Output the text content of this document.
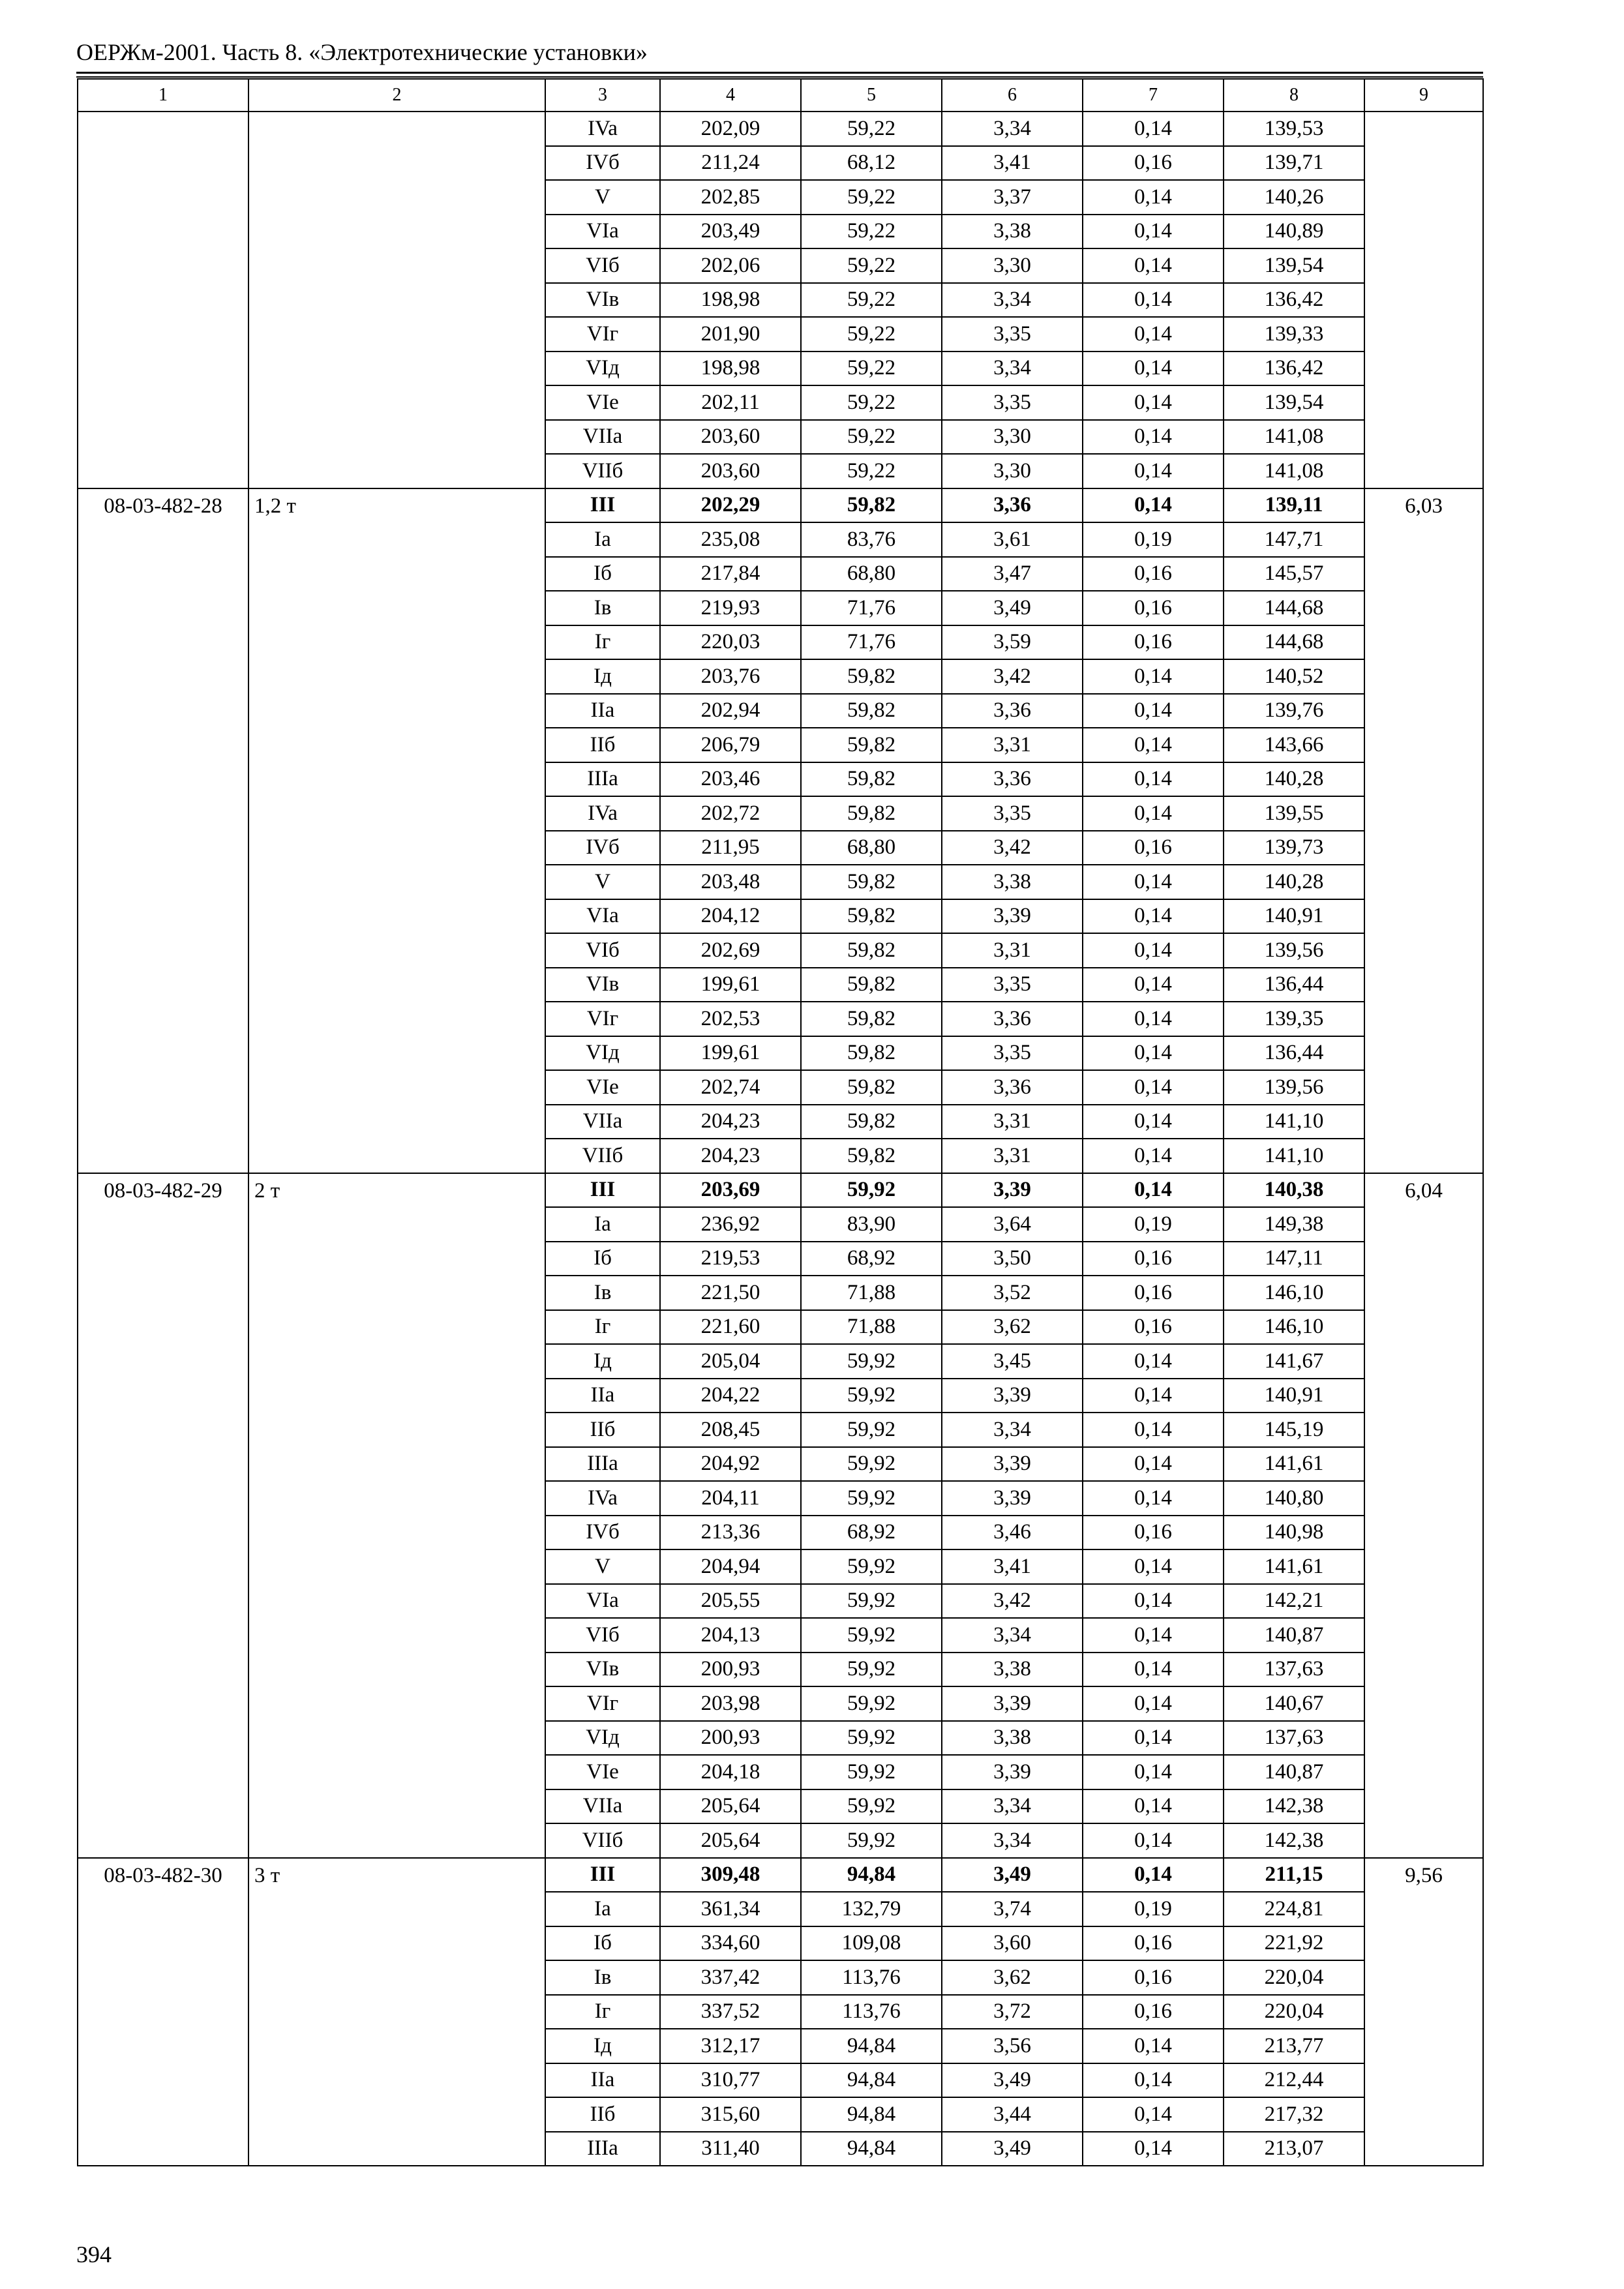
ОЕРЖм-2001. Часть 8. «Электротехнические установки»
1	2	3	4	5	6	7	8	9
		IVa	202,09	59,22	3,34	0,14	139,53	
		IVб	211,24	68,12	3,41	0,16	139,71	
		V	202,85	59,22	3,37	0,14	140,26	
		VIa	203,49	59,22	3,38	0,14	140,89	
		VIб	202,06	59,22	3,30	0,14	139,54	
		VIв	198,98	59,22	3,34	0,14	136,42	
		VIг	201,90	59,22	3,35	0,14	139,33	
		VIд	198,98	59,22	3,34	0,14	136,42	
		VIе	202,11	59,22	3,35	0,14	139,54	
		VIIa	203,60	59,22	3,30	0,14	141,08	
		VIIб	203,60	59,22	3,30	0,14	141,08	
08-03-482-28	1,2 т	III	202,29	59,82	3,36	0,14	139,11	6,03
		Ia	235,08	83,76	3,61	0,19	147,71	
		Iб	217,84	68,80	3,47	0,16	145,57	
		Iв	219,93	71,76	3,49	0,16	144,68	
		Iг	220,03	71,76	3,59	0,16	144,68	
		Iд	203,76	59,82	3,42	0,14	140,52	
		IIa	202,94	59,82	3,36	0,14	139,76	
		IIб	206,79	59,82	3,31	0,14	143,66	
		IIIa	203,46	59,82	3,36	0,14	140,28	
		IVa	202,72	59,82	3,35	0,14	139,55	
		IVб	211,95	68,80	3,42	0,16	139,73	
		V	203,48	59,82	3,38	0,14	140,28	
		VIa	204,12	59,82	3,39	0,14	140,91	
		VIб	202,69	59,82	3,31	0,14	139,56	
		VIв	199,61	59,82	3,35	0,14	136,44	
		VIг	202,53	59,82	3,36	0,14	139,35	
		VIд	199,61	59,82	3,35	0,14	136,44	
		VIе	202,74	59,82	3,36	0,14	139,56	
		VIIa	204,23	59,82	3,31	0,14	141,10	
		VIIб	204,23	59,82	3,31	0,14	141,10	
08-03-482-29	2 т	III	203,69	59,92	3,39	0,14	140,38	6,04
		Ia	236,92	83,90	3,64	0,19	149,38	
		Iб	219,53	68,92	3,50	0,16	147,11	
		Iв	221,50	71,88	3,52	0,16	146,10	
		Iг	221,60	71,88	3,62	0,16	146,10	
		Iд	205,04	59,92	3,45	0,14	141,67	
		IIa	204,22	59,92	3,39	0,14	140,91	
		IIб	208,45	59,92	3,34	0,14	145,19	
		IIIa	204,92	59,92	3,39	0,14	141,61	
		IVa	204,11	59,92	3,39	0,14	140,80	
		IVб	213,36	68,92	3,46	0,16	140,98	
		V	204,94	59,92	3,41	0,14	141,61	
		VIa	205,55	59,92	3,42	0,14	142,21	
		VIб	204,13	59,92	3,34	0,14	140,87	
		VIв	200,93	59,92	3,38	0,14	137,63	
		VIг	203,98	59,92	3,39	0,14	140,67	
		VIд	200,93	59,92	3,38	0,14	137,63	
		VIе	204,18	59,92	3,39	0,14	140,87	
		VIIa	205,64	59,92	3,34	0,14	142,38	
		VIIб	205,64	59,92	3,34	0,14	142,38	
08-03-482-30	3 т	III	309,48	94,84	3,49	0,14	211,15	9,56
		Ia	361,34	132,79	3,74	0,19	224,81	
		Iб	334,60	109,08	3,60	0,16	221,92	
		Iв	337,42	113,76	3,62	0,16	220,04	
		Iг	337,52	113,76	3,72	0,16	220,04	
		Iд	312,17	94,84	3,56	0,14	213,77	
		IIa	310,77	94,84	3,49	0,14	212,44	
		IIб	315,60	94,84	3,44	0,14	217,32	
		IIIa	311,40	94,84	3,49	0,14	213,07	
394
